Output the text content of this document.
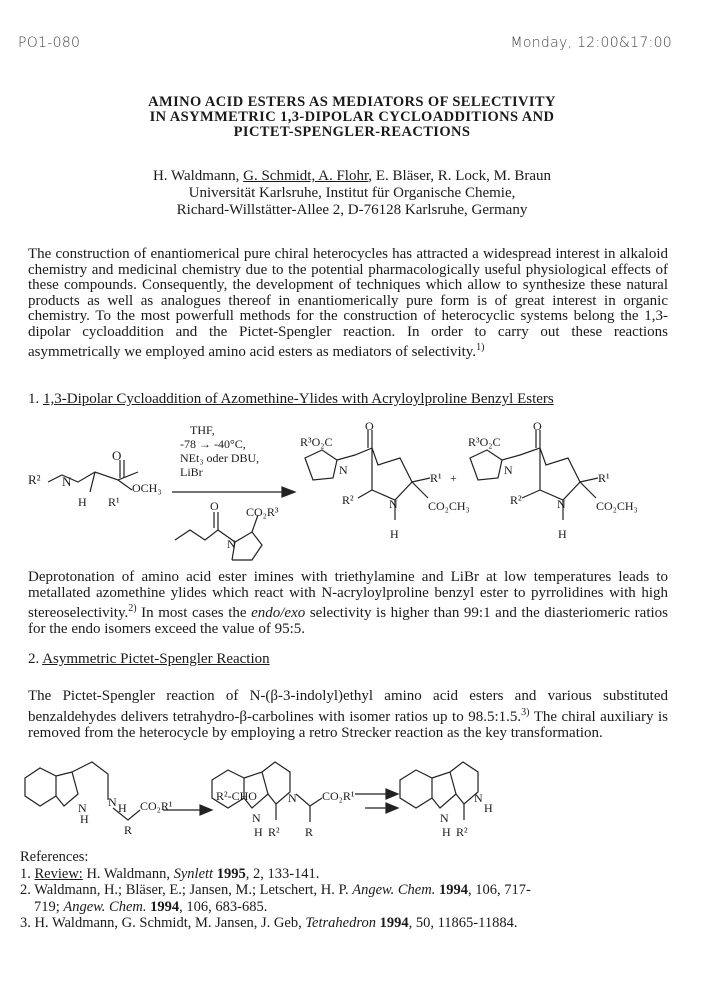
PO1-080	Monday, 12:00&17:00
AMINO ACID ESTERS AS MEDIATORS OF SELECTIVITY
IN ASYMMETRIC 1,3-DIPOLAR CYCLOADDITIONS AND
PICTET-SPENGLER-REACTIONS
H. Waldmann, G. Schmidt, A. Flohr, E. Bläser, R. Lock, M. Braun
Universität Karlsruhe, Institut für Organische Chemie,
Richard-Willstätter-Allee 2, D-76128 Karlsruhe, Germany
The construction of enantiomerical pure chiral heterocycles has attracted a widespread interest in alkaloid chemistry and medicinal chemistry due to the potential pharmacologically useful physiological effects of these compounds. Consequently, the development of techniques which allow to synthesize these natural products as well as analogues thereof in enantiomerically pure form is of great interest in organic chemistry. To the most powerfull methods for the construction of heterocyclic systems belong the 1,3-dipolar cycloaddition and the Pictet-Spengler reaction. In order to carry out these reactions asymmetrically we employed amino acid esters as mediators of selectivity.$^{1)}$
1. 1,3-Dipolar Cycloaddition of Azomethine-Ylides with Acryloylproline Benzyl Esters
R² N
O
OCH₃
H R¹
THF,
-78 → -40°C,
NEt₃ oder DBU,
LiBr
O CO₂R³
N
R³O₂C
O
N
R¹ +
R²	N
H
CO₂CH₃
R³O₂C
O
N
R¹
R²	N
H
CO₂CH₃
Deprotonation of amino acid ester imines with triethylamine and LiBr at low temperatures leads to metallated azomethine ylides which react with N-acryloylproline benzyl ester to pyrrolidines with high stereoselectivity.$^{2)}$ In most cases the endo/exo selectivity is higher than 99:1 and the diasteriomeric ratios for the endo isomers exceed the value of 95:5.
2. Asymmetric Pictet-Spengler Reaction
The Pictet-Spengler reaction of N-(β-3-indolyl)ethyl amino acid esters and various substituted benzaldehydes delivers tetrahydro-β-carbolines with isomer ratios up to 98.5:1.5.$^{3)}$ The chiral auxiliary is removed from the heterocycle by employing a retro Strecker reaction as the key transformation.
N
H
H
N CO₂R¹
R
R²-CHO
N
H
N CO₂R¹
R² R
N
H
N
H
R²
References:
1. Review: H. Waldmann, Synlett 1995, 2, 133-141.
2. Waldmann, H.; Bläser, E.; Jansen, M.; Letschert, H. P. Angew. Chem. 1994, 106, 717-
719; Angew. Chem. 1994, 106, 683-685.
3. H. Waldmann, G. Schmidt, M. Jansen, J. Geb, Tetrahedron 1994, 50, 11865-11884.
